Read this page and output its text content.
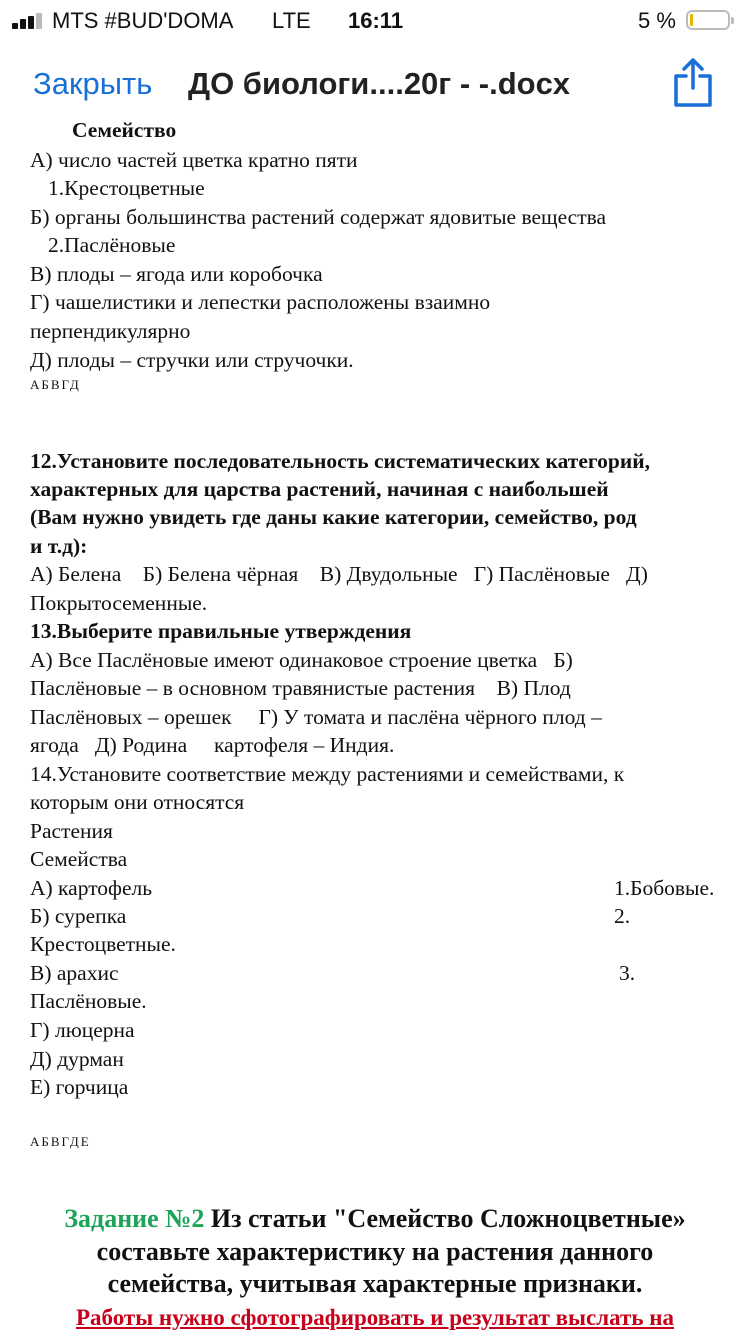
Семейство
А) число частей цветка кратно пяти
1.Крестоцветные
Б) органы большинства растений содержат ядовитые вещества
2.Паслёновые
В) плоды – ягода или коробочка
Г) чашелистики и лепестки расположены взаимно
перпендикулярно
Д) плоды – стручки или стручочки.
АБВГД
12.Установите последовательность систематических категорий,
характерных для царства растений, начиная с наибольшей
(Вам нужно увидеть где даны какие категории, семейство, род
и т.д):
А) Белена    Б) Белена чёрная    В) Двудольные   Г) Паслёновые   Д)
Покрытосеменные.
13.Выберите правильные утверждения
А) Все Паслёновые имеют одинаковое строение цветка   Б)
Паслёновые – в основном травянистые растения    В) Плод
Паслёновых – орешек     Г) У томата и паслёна чёрного плод –
ягода   Д) Родина     картофеля – Индия.
14.Установите соответствие между растениями и семействами, к
которым они относятся
Растения
Семейства
А) картофель	1.Бобовые.
Б) сурепка	2.
Крестоцветные.
В) арахис	3.
Паслёновые.
Г) люцерна
Д) дурман
Е) горчица
АБВГДЕ
Задание №2 Из статьи "Семейство Сложноцветные»
составьте характеристику на растения данного
семейства, учитывая характерные признаки.
Работы нужно сфотографировать и результат выслать на
MTS #BUD'DOMA LTE 16:11	5 %
Закрыть ДО биологи....20г - -.docx
